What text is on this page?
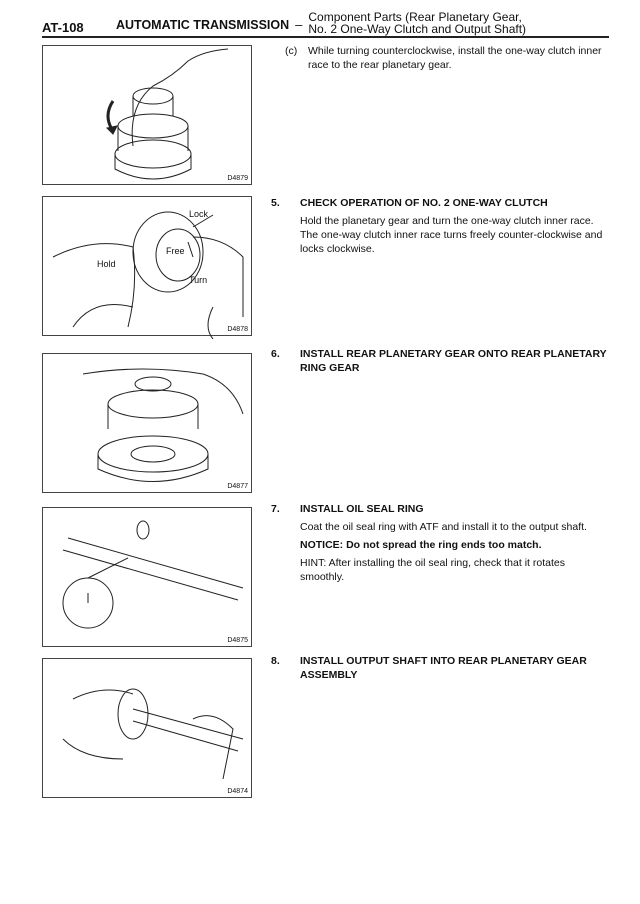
AT-108	AUTOMATIC TRANSMISSION – Component Parts (Rear Planetary Gear,
No. 2 One-Way Clutch and Output Shaft)
D4879
Lock
Free
Hold
Turn
D4878
D4877
D4875
D4874
(c) While turning counterclockwise, install the one-way clutch inner race to the rear planetary gear.
5. CHECK OPERATION OF NO. 2 ONE-WAY CLUTCH
Hold the planetary gear and turn the one-way clutch inner race. The one-way clutch inner race turns freely counter-clockwise and locks clockwise.
6. INSTALL REAR PLANETARY GEAR ONTO REAR PLANETARY RING GEAR
7. INSTALL OIL SEAL RING
Coat the oil seal ring with ATF and install it to the output shaft.
NOTICE: Do not spread the ring ends too match.
HINT: After installing the oil seal ring, check that it rotates smoothly.
8. INSTALL OUTPUT SHAFT INTO REAR PLANETARY GEAR ASSEMBLY
